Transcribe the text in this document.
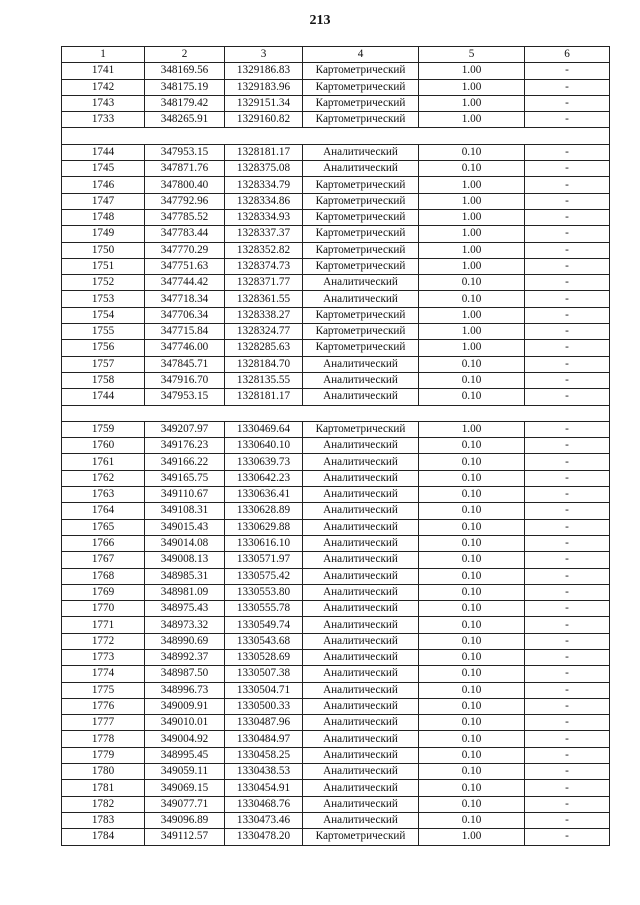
213
1	2	3	4	5	6
1741	348169.56	1329186.83	Картометрический	1.00	-
1742	348175.19	1329183.96	Картометрический	1.00	-
1743	348179.42	1329151.34	Картометрический	1.00	-
1733	348265.91	1329160.82	Картометрический	1.00	-

1744	347953.15	1328181.17	Аналитический	0.10	-
1745	347871.76	1328375.08	Аналитический	0.10	-
1746	347800.40	1328334.79	Картометрический	1.00	-
1747	347792.96	1328334.86	Картометрический	1.00	-
1748	347785.52	1328334.93	Картометрический	1.00	-
1749	347783.44	1328337.37	Картометрический	1.00	-
1750	347770.29	1328352.82	Картометрический	1.00	-
1751	347751.63	1328374.73	Картометрический	1.00	-
1752	347744.42	1328371.77	Аналитический	0.10	-
1753	347718.34	1328361.55	Аналитический	0.10	-
1754	347706.34	1328338.27	Картометрический	1.00	-
1755	347715.84	1328324.77	Картометрический	1.00	-
1756	347746.00	1328285.63	Картометрический	1.00	-
1757	347845.71	1328184.70	Аналитический	0.10	-
1758	347916.70	1328135.55	Аналитический	0.10	-
1744	347953.15	1328181.17	Аналитический	0.10	-

1759	349207.97	1330469.64	Картометрический	1.00	-
1760	349176.23	1330640.10	Аналитический	0.10	-
1761	349166.22	1330639.73	Аналитический	0.10	-
1762	349165.75	1330642.23	Аналитический	0.10	-
1763	349110.67	1330636.41	Аналитический	0.10	-
1764	349108.31	1330628.89	Аналитический	0.10	-
1765	349015.43	1330629.88	Аналитический	0.10	-
1766	349014.08	1330616.10	Аналитический	0.10	-
1767	349008.13	1330571.97	Аналитический	0.10	-
1768	348985.31	1330575.42	Аналитический	0.10	-
1769	348981.09	1330553.80	Аналитический	0.10	-
1770	348975.43	1330555.78	Аналитический	0.10	-
1771	348973.32	1330549.74	Аналитический	0.10	-
1772	348990.69	1330543.68	Аналитический	0.10	-
1773	348992.37	1330528.69	Аналитический	0.10	-
1774	348987.50	1330507.38	Аналитический	0.10	-
1775	348996.73	1330504.71	Аналитический	0.10	-
1776	349009.91	1330500.33	Аналитический	0.10	-
1777	349010.01	1330487.96	Аналитический	0.10	-
1778	349004.92	1330484.97	Аналитический	0.10	-
1779	348995.45	1330458.25	Аналитический	0.10	-
1780	349059.11	1330438.53	Аналитический	0.10	-
1781	349069.15	1330454.91	Аналитический	0.10	-
1782	349077.71	1330468.76	Аналитический	0.10	-
1783	349096.89	1330473.46	Аналитический	0.10	-
1784	349112.57	1330478.20	Картометрический	1.00	-
